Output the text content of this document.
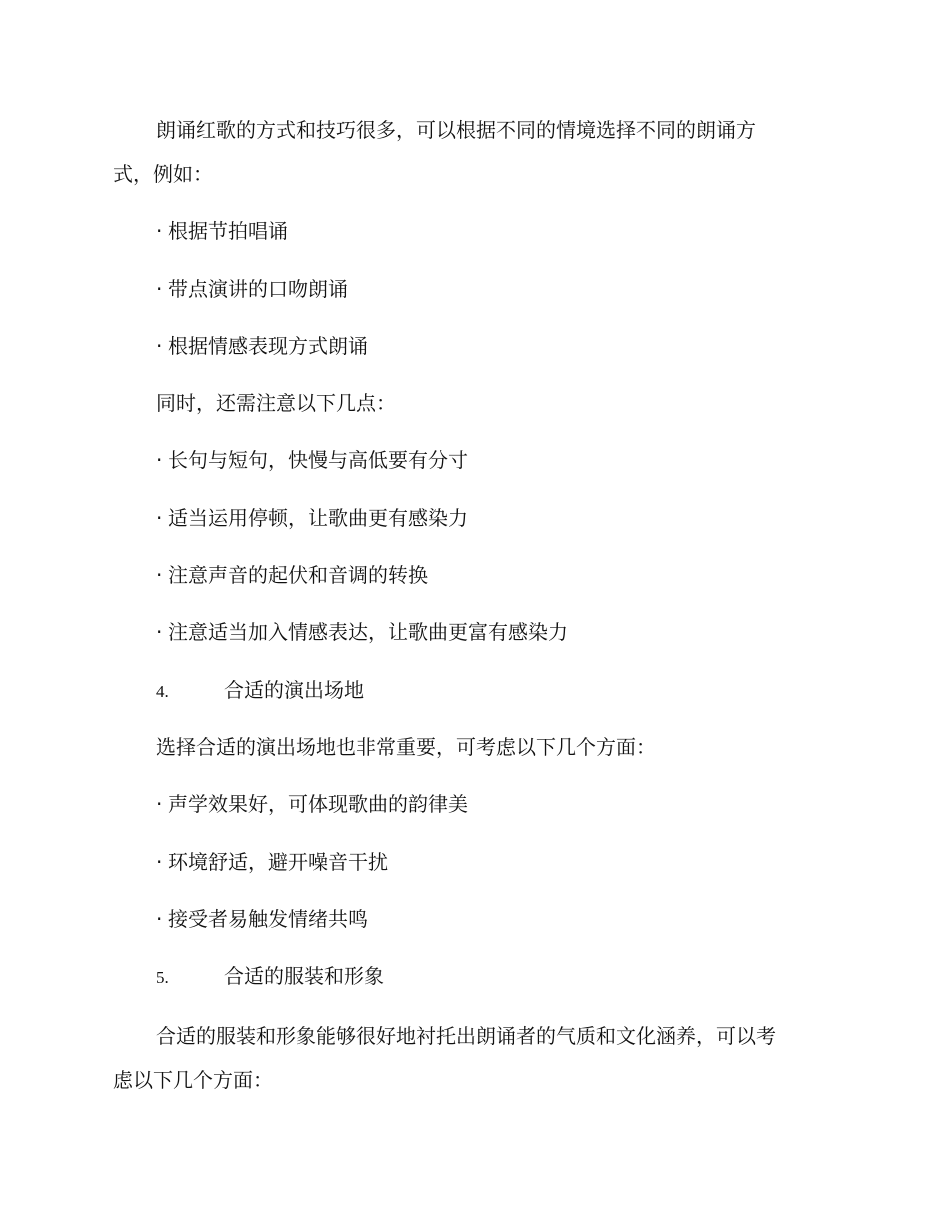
朗诵红歌的方式和技巧很多，可以根据不同的情境选择不同的朗诵方
式，例如：
· 根据节拍唱诵
· 带点演讲的口吻朗诵
· 根据情感表现方式朗诵
同时，还需注意以下几点：
· 长句与短句，快慢与高低要有分寸
· 适当运用停顿，让歌曲更有感染力
· 注意声音的起伏和音调的转换
· 注意适当加入情感表达，让歌曲更富有感染力
4.	合适的演出场地
选择合适的演出场地也非常重要，可考虑以下几个方面：
· 声学效果好，可体现歌曲的韵律美
· 环境舒适，避开噪音干扰
· 接受者易触发情绪共鸣
5.	合适的服装和形象
合适的服装和形象能够很好地衬托出朗诵者的气质和文化涵养，可以考
虑以下几个方面：
